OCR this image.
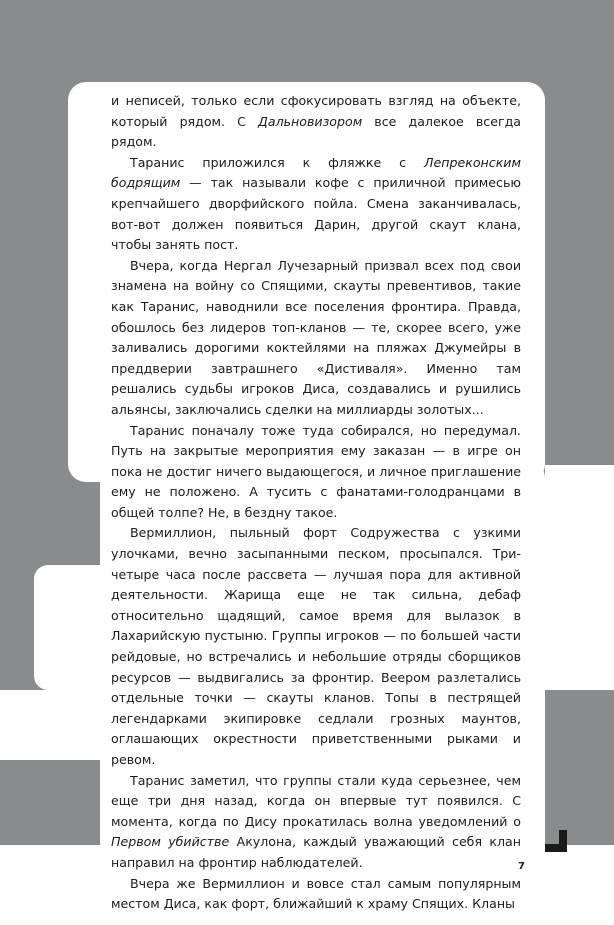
и неписей, только если сфокусировать взгляд на объекте, который рядом. С Дальновизором все далекое всегда рядом.

Таранис приложился к фляжке с Лепреконским бодрящим — так называли кофе с приличной примесью крепчайшего дворфийского пойла. Смена заканчивалась, вот-вот должен появиться Дарин, другой скаут клана, чтобы занять пост.

Вчера, когда Нергал Лучезарный призвал всех под свои знамена на войну со Спящими, скауты превентивов, такие как Таранис, наводнили все поселения фронтира. Правда, обошлось без лидеров топ-кланов — те, скорее всего, уже заливались дорогими коктейлями на пляжах Джумейры в преддверии завтрашнего «Дистиваля». Именно там решались судьбы игроков Диса, создавались и рушились альянсы, заключались сделки на миллиарды золотых...

Таранис поначалу тоже туда собирался, но передумал. Путь на закрытые мероприятия ему заказан — в игре он пока не достиг ничего выдающегося, и личное приглашение ему не положено. А тусить с фанатами-голодранцами в общей толпе? Не, в бездну такое.

Вермиллион, пыльный форт Содружества с узкими улочками, вечно засыпанными песком, просыпался. Три-четыре часа после рассвета — лучшая пора для активной деятельности. Жарища еще не так сильна, дебаф относительно щадящий, самое время для вылазок в Лахарийскую пустыню. Группы игроков — по большей части рейдовые, но встречались и небольшие отряды сборщиков ресурсов — выдвигались за фронтир. Веером разлетались отдельные точки — скауты кланов. Топы в пестрящей легендарками экипировке седлали грозных маунтов, оглашающих окрестности приветственными рыками и ревом.

Таранис заметил, что группы стали куда серьезнее, чем еще три дня назад, когда он впервые тут появился. С момента, когда по Дису прокатилась волна уведомлений о Первом убийстве Акулона, каждый уважающий себя клан направил на фронтир наблюдателей.

Вчера же Вермиллион и вовсе стал самым популярным местом Диса, как форт, ближайший к храму Спящих. Кланы

7
